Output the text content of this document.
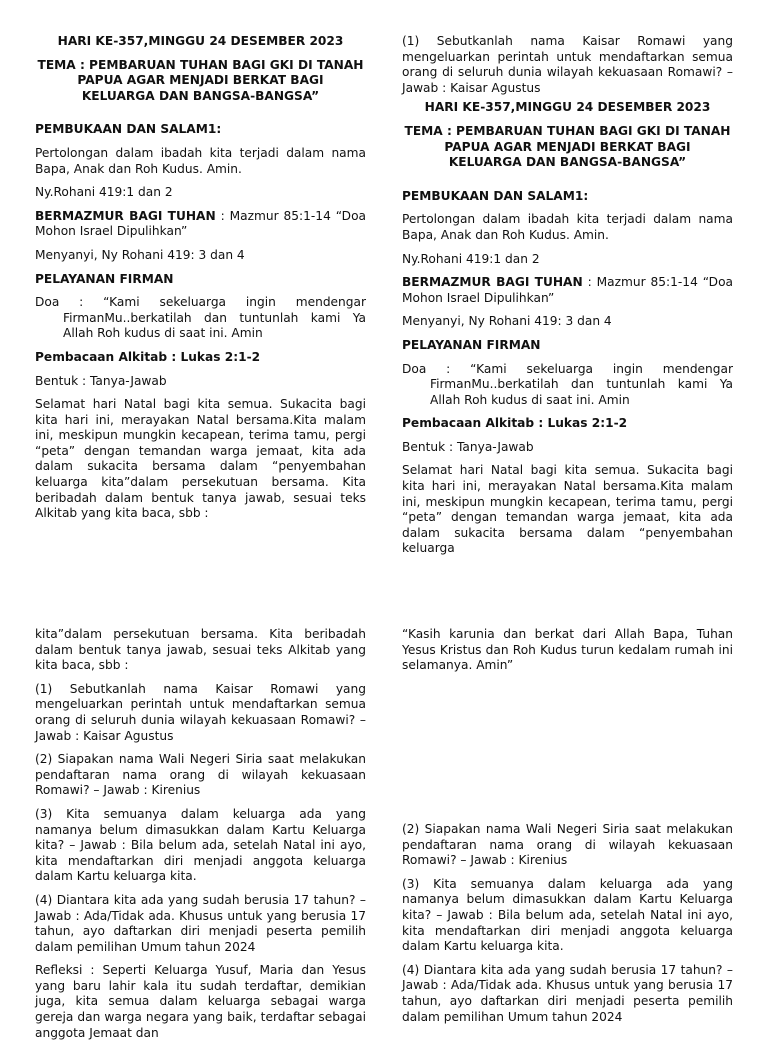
HARI KE-357,MINGGU 24 DESEMBER 2023

TEMA : PEMBARUAN TUHAN BAGI GKI DI TANAH

PAPUA AGAR MENJADI BERKAT BAGI

KELUARGA DAN BANGSA-BANGSA”

PEMBUKAAN DAN SALAM1:

Pertolongan dalam ibadah kita terjadi dalam nama Bapa, Anak dan Roh Kudus. Amin.

Ny.Rohani 419:1 dan 2

BERMAZMUR BAGI TUHAN : Mazmur 85:1-14 “Doa Mohon Israel Dipulihkan”

Menyanyi, Ny Rohani 419: 3 dan 4

PELAYANAN FIRMAN

Doa : “Kami sekeluarga ingin mendengar FirmanMu..berkatilah dan tuntunlah kami Ya Allah Roh kudus di saat ini. Amin

Pembacaan Alkitab : Lukas 2:1-2

Bentuk : Tanya-Jawab

Selamat hari Natal bagi kita semua. Sukacita bagi kita hari ini, merayakan Natal bersama.Kita malam ini, meskipun mungkin kecapean, terima tamu, pergi “peta” dengan temandan warga jemaat, kita ada dalam sukacita bersama dalam “penyembahan keluarga kita”dalam persekutuan bersama. Kita beribadah dalam bentuk tanya jawab, sesuai teks Alkitab yang kita baca, sbb :

(1) Sebutkanlah nama Kaisar Romawi yang mengeluarkan perintah untuk mendaftarkan semua orang di seluruh dunia wilayah kekuasaan Romawi? – Jawab : Kaisar Agustus

HARI KE-357,MINGGU 24 DESEMBER 2023

TEMA : PEMBARUAN TUHAN BAGI GKI DI TANAH

PAPUA AGAR MENJADI BERKAT BAGI

KELUARGA DAN BANGSA-BANGSA”

PEMBUKAAN DAN SALAM1:

Pertolongan dalam ibadah kita terjadi dalam nama Bapa, Anak dan Roh Kudus. Amin.

Ny.Rohani 419:1 dan 2

BERMAZMUR BAGI TUHAN : Mazmur 85:1-14 “Doa Mohon Israel Dipulihkan”

Menyanyi, Ny Rohani 419: 3 dan 4

PELAYANAN FIRMAN

Doa : “Kami sekeluarga ingin mendengar FirmanMu..berkatilah dan tuntunlah kami Ya Allah Roh kudus di saat ini. Amin

Pembacaan Alkitab : Lukas 2:1-2

Bentuk : Tanya-Jawab

Selamat hari Natal bagi kita semua. Sukacita bagi kita hari ini, merayakan Natal bersama.Kita malam ini, meskipun mungkin kecapean, terima tamu, pergi “peta” dengan temandan warga jemaat, kita ada dalam sukacita bersama dalam “penyembahan keluarga

kita”dalam persekutuan bersama. Kita beribadah dalam bentuk tanya jawab, sesuai teks Alkitab yang kita baca, sbb :

(1) Sebutkanlah nama Kaisar Romawi yang mengeluarkan perintah untuk mendaftarkan semua orang di seluruh dunia wilayah kekuasaan Romawi? – Jawab : Kaisar Agustus

(2) Siapakan nama Wali Negeri Siria saat melakukan pendaftaran nama orang di wilayah kekuasaan Romawi? – Jawab : Kirenius

(3) Kita semuanya dalam keluarga ada yang namanya belum dimasukkan dalam Kartu Keluarga kita? – Jawab : Bila belum ada, setelah Natal ini ayo, kita mendaftarkan diri menjadi anggota keluarga dalam Kartu keluarga kita.

(4) Diantara kita ada yang sudah berusia 17 tahun? – Jawab : Ada/Tidak ada. Khusus untuk yang berusia 17 tahun, ayo daftarkan diri menjadi peserta pemilih dalam pemilihan Umum tahun 2024

Refleksi : Seperti Keluarga Yusuf, Maria dan Yesus yang baru lahir kala itu sudah terdaftar, demikian juga, kita semua dalam keluarga sebagai warga gereja dan warga negara yang baik, terdaftar sebagai anggota Jemaat dan

“Kasih karunia dan berkat dari Allah Bapa, Tuhan Yesus Kristus dan Roh Kudus turun kedalam rumah ini selamanya. Amin”

(2) Siapakan nama Wali Negeri Siria saat melakukan pendaftaran nama orang di wilayah kekuasaan Romawi? – Jawab : Kirenius

(3) Kita semuanya dalam keluarga ada yang namanya belum dimasukkan dalam Kartu Keluarga kita? – Jawab : Bila belum ada, setelah Natal ini ayo, kita mendaftarkan diri menjadi anggota keluarga dalam Kartu keluarga kita.

(4) Diantara kita ada yang sudah berusia 17 tahun? – Jawab : Ada/Tidak ada. Khusus untuk yang berusia 17 tahun, ayo daftarkan diri menjadi peserta pemilih dalam pemilihan Umum tahun 2024
